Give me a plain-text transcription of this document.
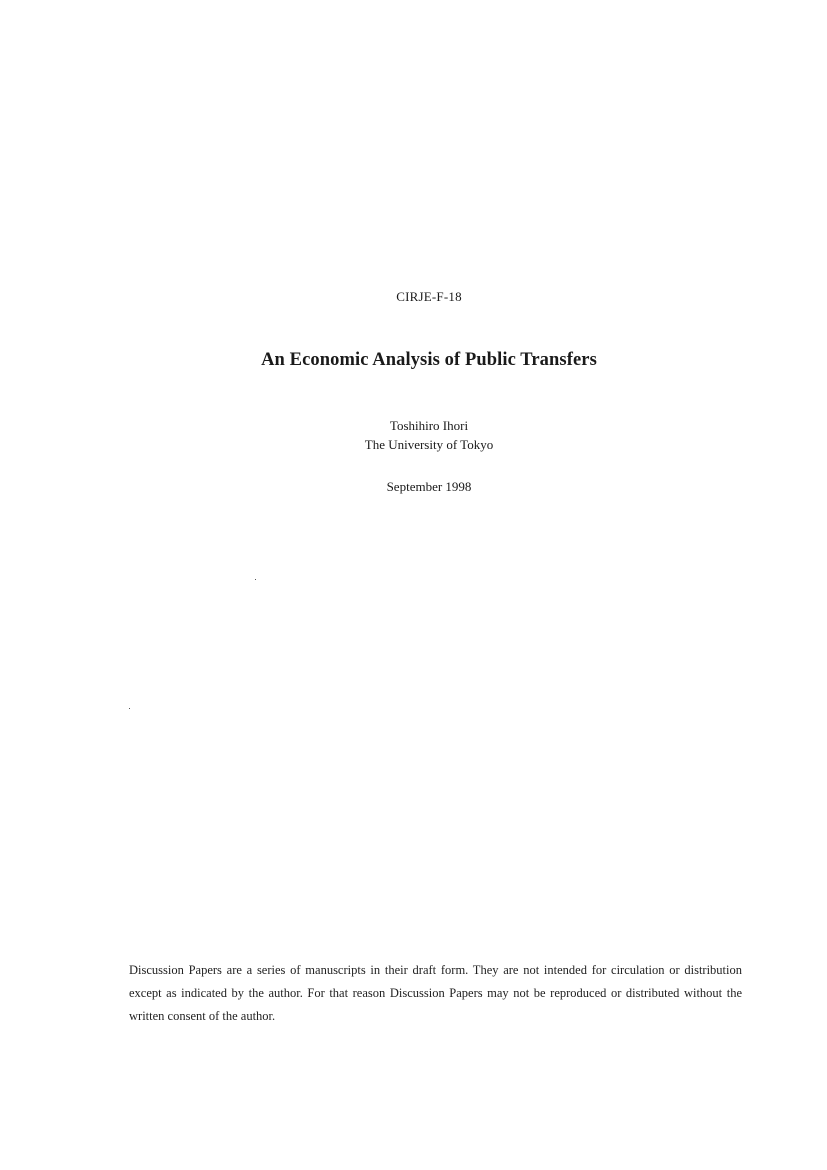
CIRJE-F-18
An Economic Analysis of Public Transfers
Toshihiro Ihori
The University of Tokyo
September 1998
Discussion Papers are a series of manuscripts in their draft form. They are not intended for circulation or distribution except as indicated by the author. For that reason Discussion Papers may not be reproduced or distributed without the written consent of the author.
